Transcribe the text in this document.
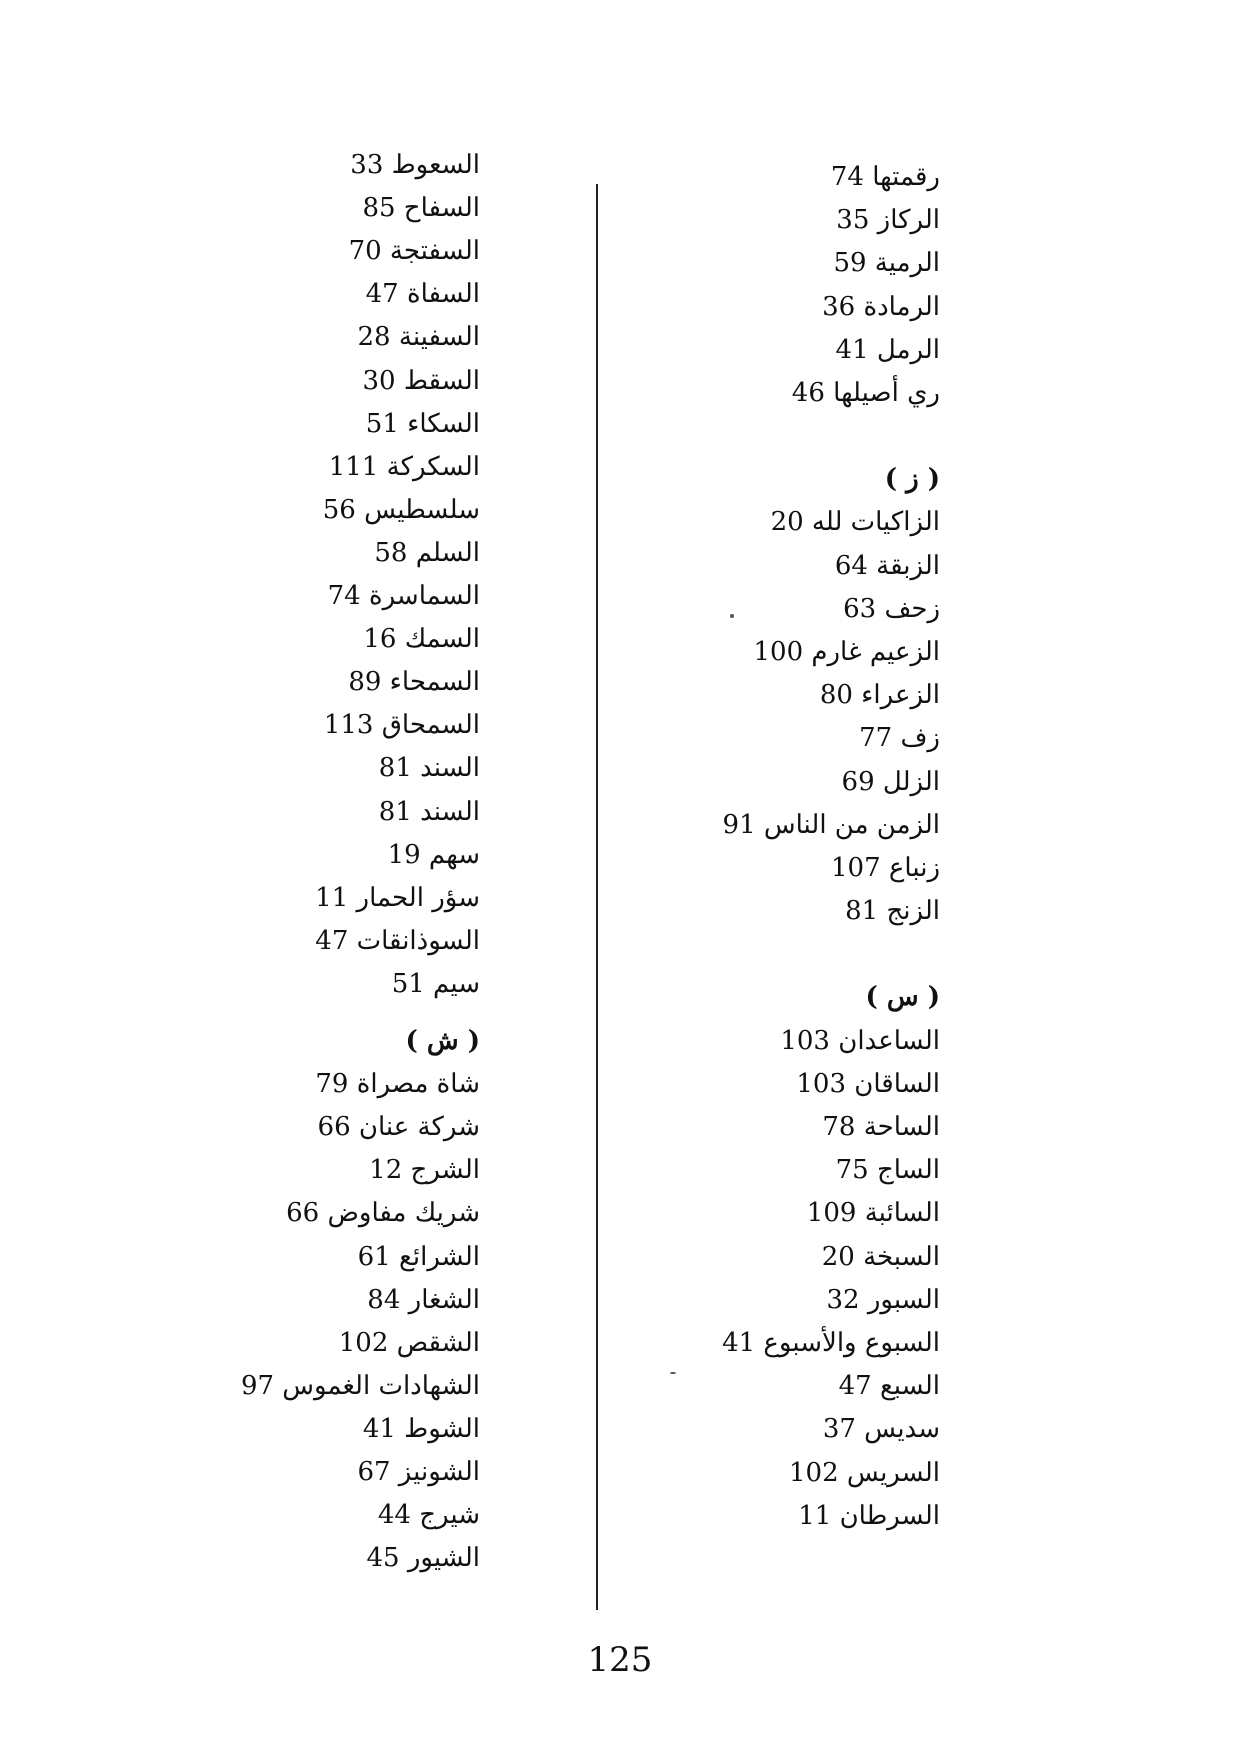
رقمتها 74
الركاز 35
الرمية 59
الرمادة 36
الرمل 41
ري أصيلها 46
( ز )
الزاكيات لله 20
الزبقة 64
زحف 63
الزعيم غارم 100
الزعراء 80
زف 77
الزلل 69
الزمن من الناس 91
زنباع 107
الزنج 81
( س )
الساعدان 103
الساقان 103
الساحة 78
الساج 75
السائبة 109
السبخة 20
السبور 32
السبوع والأسبوع 41
السبع 47
سديس 37
السريس 102
السرطان 11
السعوط 33
السفاح 85
السفتجة 70
السفاة 47
السفينة 28
السقط 30
السكاء 51
السكركة 111
سلسطيس 56
السلم 58
السماسرة 74
السمك 16
السمحاء 89
السمحاق 113
السند 81
السند 81
سهم 19
سؤر الحمار 11
السوذانقات 47
سيم 51
( ش )
شاة مصراة 79
شركة عنان 66
الشرج 12
شريك مفاوض 66
الشرائع 61
الشغار 84
الشقص 102
الشهادات الغموس 97
الشوط 41
الشونيز 67
شيرج 44
الشيور 45
125
